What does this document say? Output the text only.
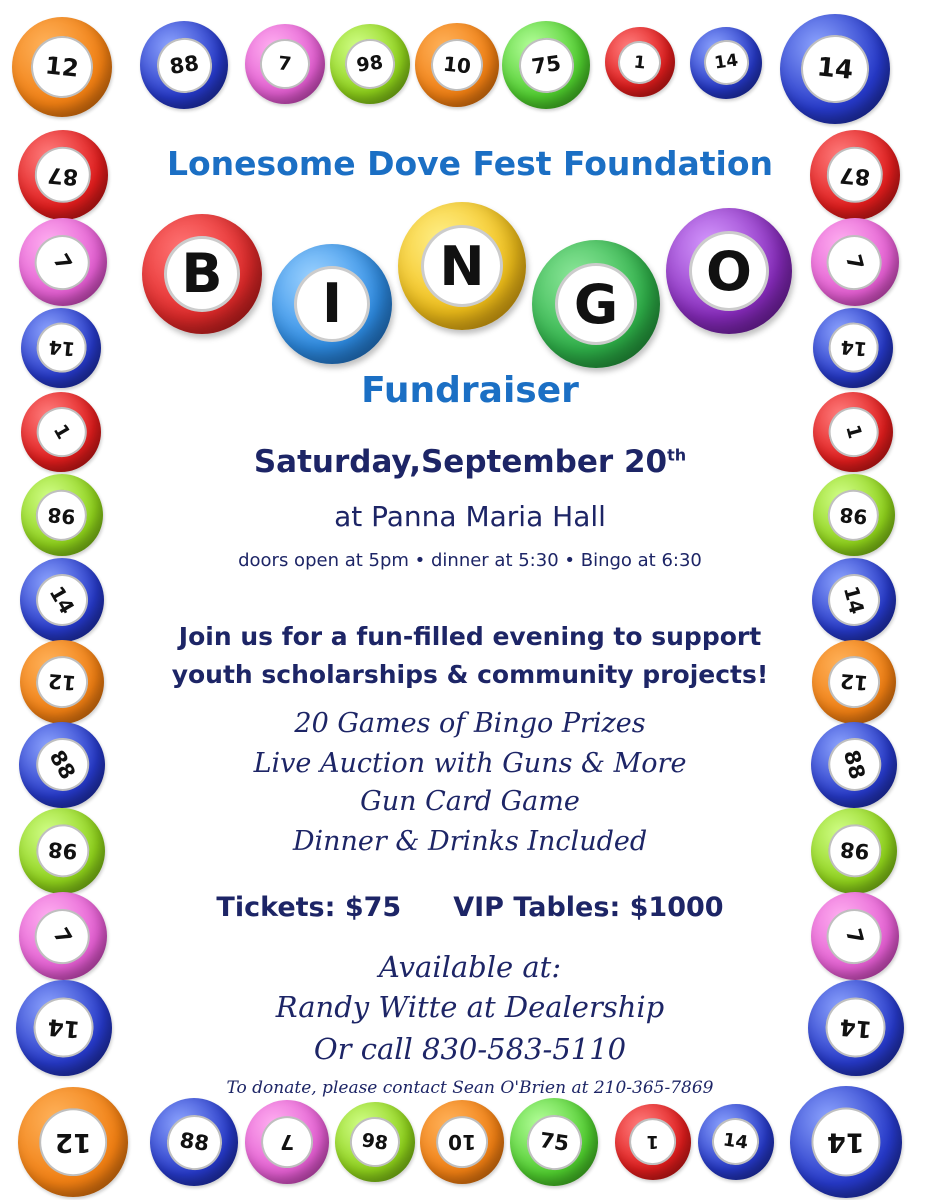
12	88	7	98	10	75	1	14	14
12	88	7	98	10	75	1	14	14
87
7
14
1
98
14
12
88
98
7
14
87
7
14
1
98
14
12
88
98
7
14

Lonesome Dove Fest Foundation

B I
N
G
O

Fundraiser

Saturday,September 20th

at Panna Maria Hall

doors open at 5pm • dinner at 5:30 • Bingo at 6:30

Join us for a fun-filled evening to support
youth scholarships & community projects!

20 Games of Bingo Prizes

Live Auction with Guns & More

Gun Card Game

Dinner & Drinks Included

Tickets: $75 VIP Tables: $1000

Available at:

Randy Witte at Dealership

Or call 830-583-5110

To donate, please contact Sean O'Brien at 210-365-7869
